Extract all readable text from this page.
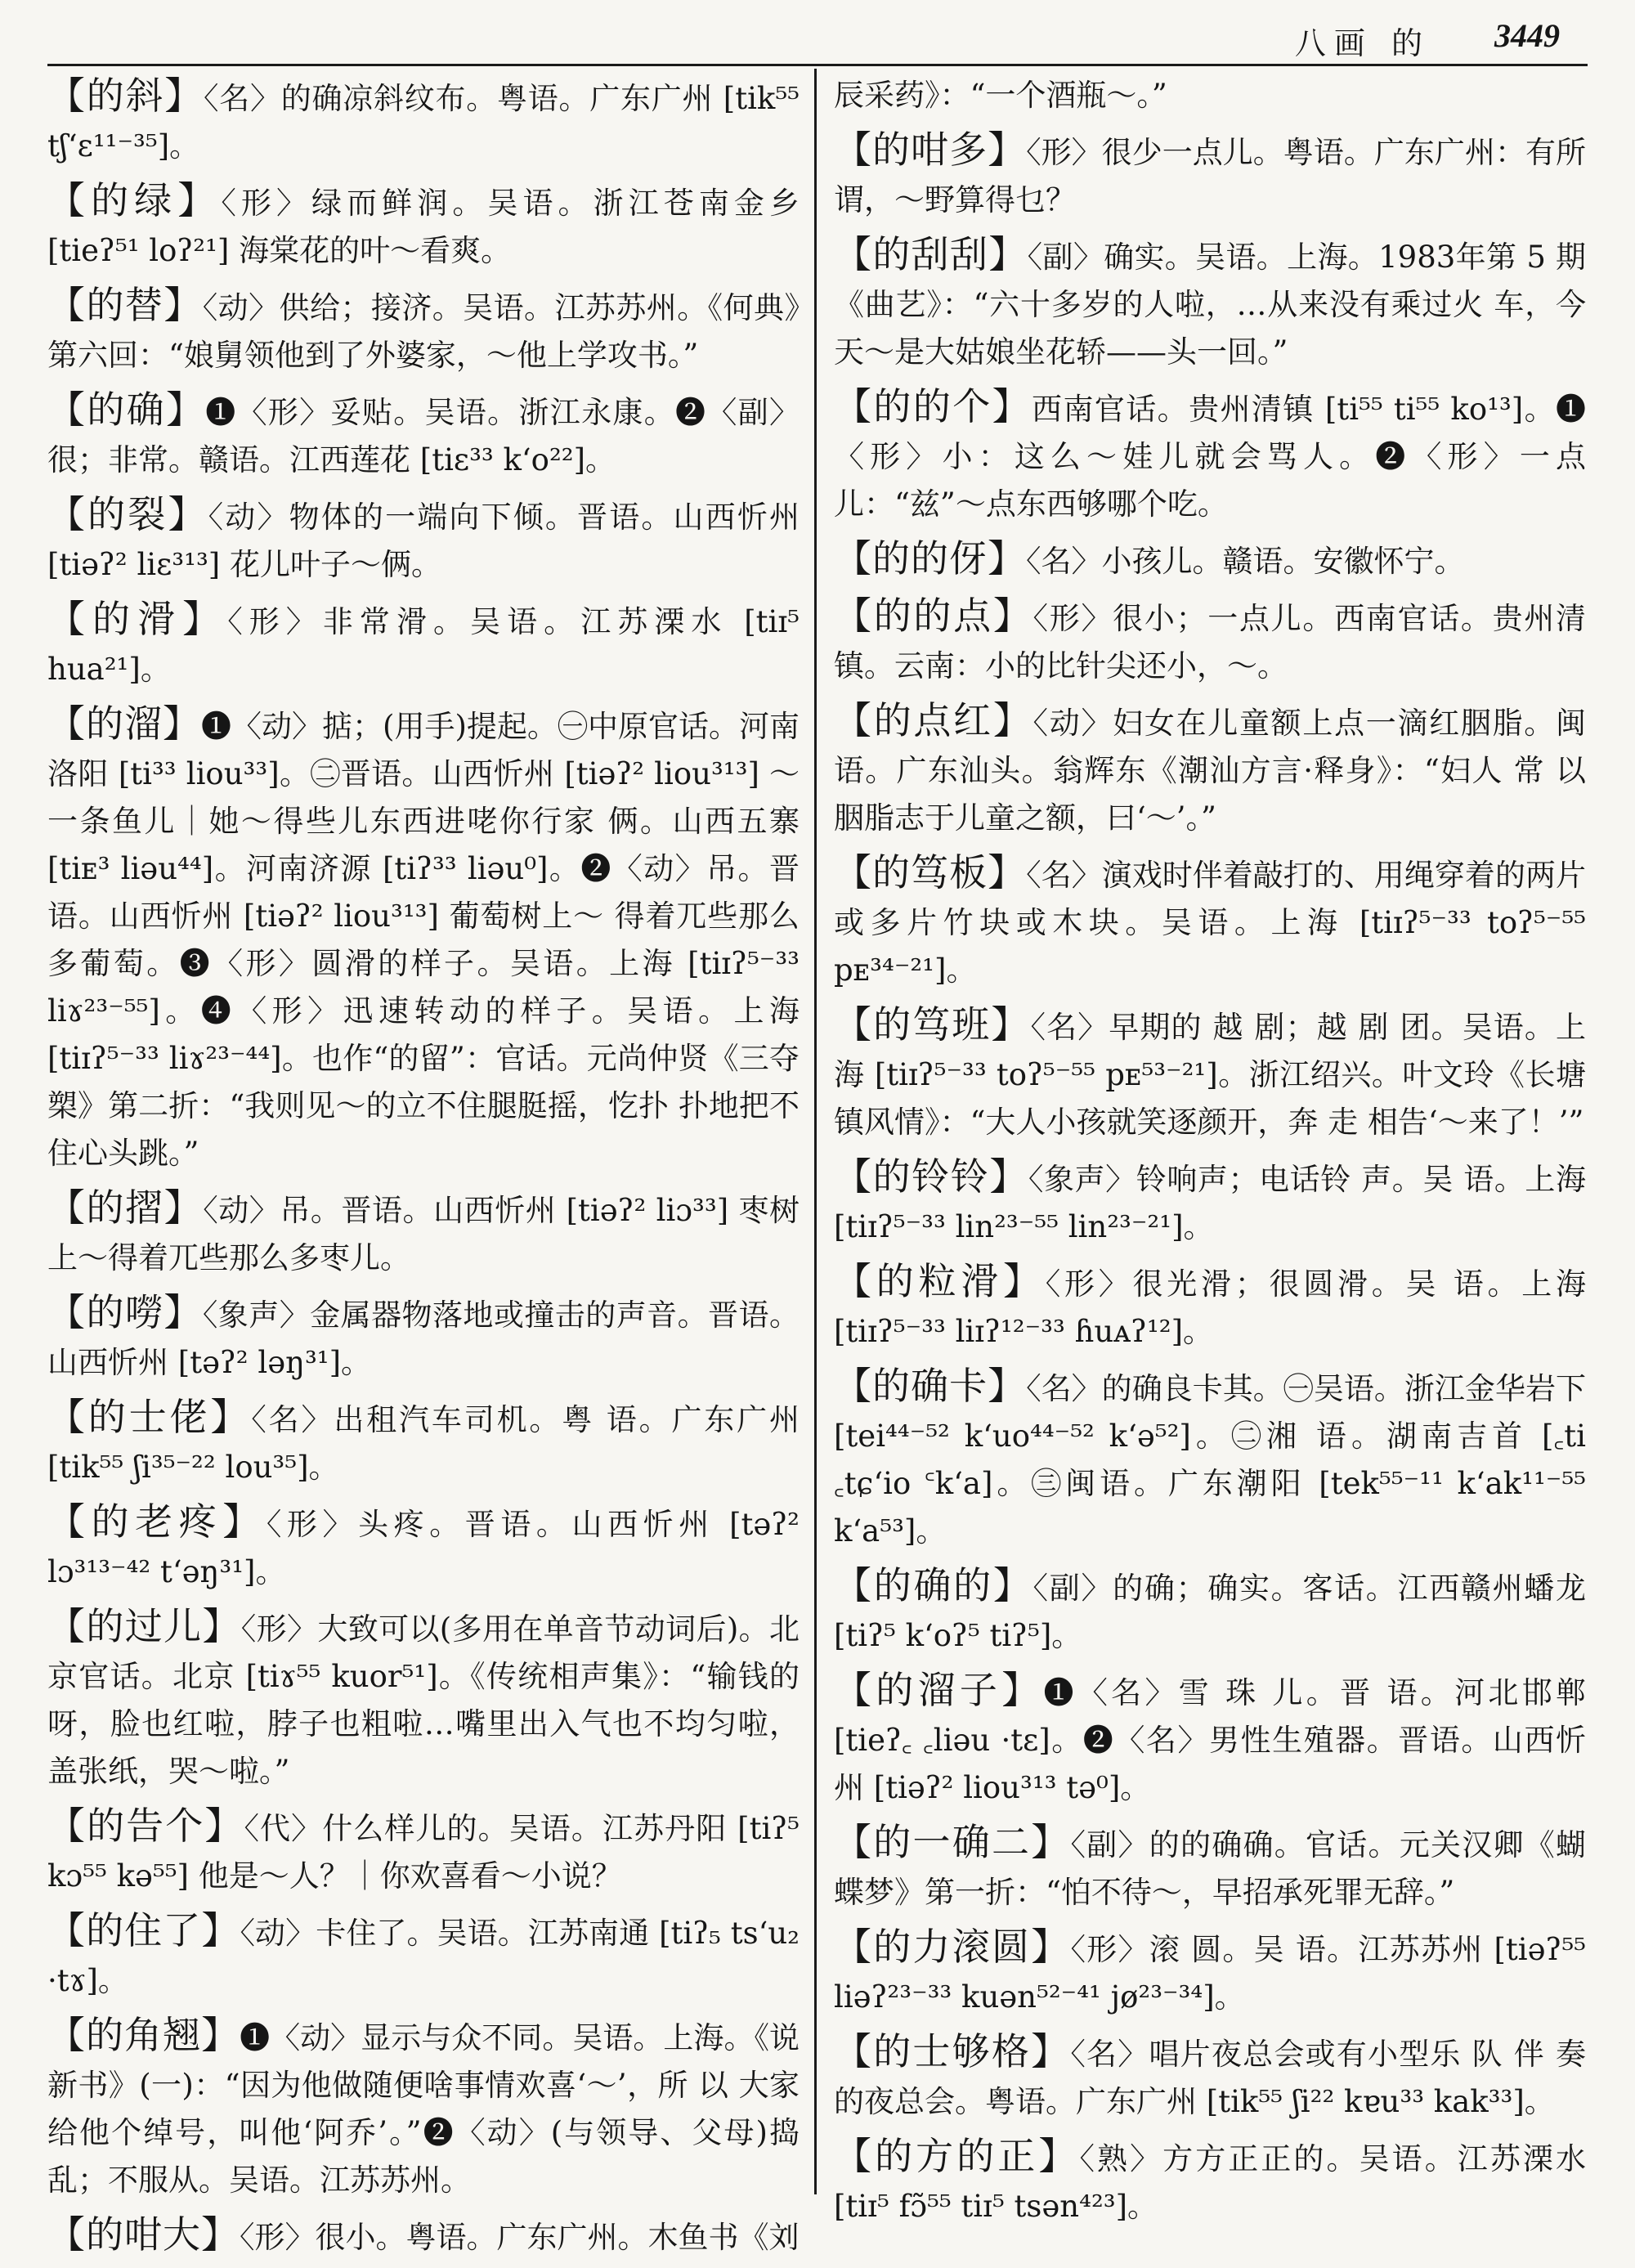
八画 的 3449
【的斜】〈名〉的确凉斜纹布。粤语。广东广州 [tik⁵⁵ tʃ‘ɛ¹¹⁻³⁵]。
【的绿】〈形〉绿而鲜润。吴语。浙江苍南金乡 [tieʔ⁵¹ loʔ²¹] 海棠花的叶～看爽。
【的替】〈动〉供给；接济。吴语。江苏苏州。《何典》第六回：“娘舅领他到了外婆家，～他上学攻书。”
【的确】❶〈形〉妥贴。吴语。浙江永康。❷〈副〉很；非常。赣语。江西莲花 [tiɛ³³ k‘o²²]。
【的裂】〈动〉物体的一端向下倾。晋语。山西忻州 [tiəʔ² liɛ³¹³] 花儿叶子～俩。
【的滑】〈形〉非常滑。吴语。江苏溧水 [tiɪ⁵ hua²¹]。
【的溜】❶〈动〉掂；(用手)提起。㊀中原官话。河南洛阳 [ti³³ liou³³]。㊁晋语。山西忻州 [tiəʔ² liou³¹³] ～一条鱼儿｜她～得些儿东西进咾你行家 俩。山西五寨 [tiᴇ³ liəu⁴⁴]。河南济源 [tiʔ³³ liəu⁰]。❷〈动〉吊。晋语。山西忻州 [tiəʔ² liou³¹³] 葡萄树上～ 得着兀些那么多葡萄。❸〈形〉圆滑的样子。吴语。上海 [tiɪʔ⁵⁻³³ liɤ²³⁻⁵⁵]。❹〈形〉迅速转动的样子。吴语。上海 [tiɪʔ⁵⁻³³ liɤ²³⁻⁴⁴]。也作“的留”：官话。元尚仲贤《三夺槊》第二折：“我则见～的立不住腿脡摇，忔扑 扑地把不住心头跳。”
【的摺】〈动〉吊。晋语。山西忻州 [tiəʔ² liɔ³³] 枣树上～得着兀些那么多枣儿。
【的嘮】〈象声〉金属器物落地或撞击的声音。晋语。山西忻州 [təʔ² ləŋ³¹]。
【的士佬】〈名〉出租汽车司机。粤 语。广东广州 [tik⁵⁵ ʃi³⁵⁻²² lou³⁵]。
【的老疼】〈形〉头疼。晋语。山西忻州 [təʔ² lɔ³¹³⁻⁴² t‘əŋ³¹]。
【的过儿】〈形〉大致可以(多用在单音节动词后)。北京官话。北京 [tiɤ⁵⁵ kuor⁵¹]。《传统相声集》：“输钱的呀，脸也红啦，脖子也粗啦…嘴里出入气也不均匀啦，盖张纸，哭～啦。”
【的告个】〈代〉什么样儿的。吴语。江苏丹阳 [tiʔ⁵ kɔ⁵⁵ kə⁵⁵] 他是～人？｜你欢喜看～小说？
【的住了】〈动〉卡住了。吴语。江苏南通 [tiʔ₅ ts‘u₂ ·tɤ]。
【的角翘】❶〈动〉显示与众不同。吴语。上海。《说新书》(一)：“因为他做随便啥事情欢喜‘～’，所 以 大家给他个绰号，叫他‘阿乔’。”❷〈动〉(与领导、父母)捣乱；不服从。吴语。江苏苏州。
【的咁大】〈形〉很小。粤语。广东广州。木鱼书《刘
辰采药》：“一个酒瓶～。”
【的咁多】〈形〉很少一点儿。粤语。广东广州：有所谓，～野算得乜？
【的刮刮】〈副〉确实。吴语。上海。1983年第 5 期《曲艺》：“六十多岁的人啦，…从来没有乘过火 车，今天～是大姑娘坐花轿——头一回。”
【的的个】西南官话。贵州清镇 [ti⁵⁵ ti⁵⁵ ko¹³]。❶〈形〉小：这么～娃儿就会骂人。❷〈形〉一点儿：“兹”～点东西够哪个吃。
【的的伢】〈名〉小孩儿。赣语。安徽怀宁。
【的的点】〈形〉很小；一点儿。西南官话。贵州清镇。云南：小的比针尖还小，～。
【的点红】〈动〉妇女在儿童额上点一滴红胭脂。闽语。广东汕头。翁辉东《潮汕方言·释身》：“妇人 常 以胭脂志于儿童之额，曰‘～’。”
【的笃板】〈名〉演戏时伴着敲打的、用绳穿着的两片或多片竹块或木块。吴语。上海 [tiɪʔ⁵⁻³³ toʔ⁵⁻⁵⁵ pᴇ³⁴⁻²¹]。
【的笃班】〈名〉早期的 越 剧；越 剧 团。吴语。上海 [tiɪʔ⁵⁻³³ toʔ⁵⁻⁵⁵ pᴇ⁵³⁻²¹]。浙江绍兴。叶文玲《长塘镇风情》：“大人小孩就笑逐颜开，奔 走 相告‘～来了！’”
【的铃铃】〈象声〉铃响声；电话铃 声。吴 语。上海 [tiɪʔ⁵⁻³³ lin²³⁻⁵⁵ lin²³⁻²¹]。
【的粒滑】〈形〉很光滑；很圆滑。吴 语。上海 [tiɪʔ⁵⁻³³ liɪʔ¹²⁻³³ ɦuᴀʔ¹²]。
【的确卡】〈名〉的确良卡其。㊀吴语。浙江金华岩下 [tei⁴⁴⁻⁵² k‘uo⁴⁴⁻⁵² k‘ə⁵²]。㊁湘 语。湖南吉首 [꜀ti ꜀tɕ‘io ꜂k‘a]。㊂闽语。广东潮阳 [tek⁵⁵⁻¹¹ k‘ak¹¹⁻⁵⁵ k‘a⁵³]。
【的确的】〈副〉的确；确实。客话。江西赣州蟠龙 [tiʔ⁵ k‘oʔ⁵ tiʔ⁵]。
【的溜子】❶〈名〉雪 珠 儿。晋 语。河北邯郸 [tieʔ꜀ ꜀liəu ·tɛ]。❷〈名〉男性生殖器。晋语。山西忻州 [tiəʔ² liou³¹³ tə⁰]。
【的一确二】〈副〉的的确确。官话。元关汉卿《蝴蝶梦》第一折：“怕不待～，早招承死罪无辞。”
【的力滚圆】〈形〉滚 圆。吴 语。江苏苏州 [tiəʔ⁵⁵ liəʔ²³⁻³³ kuən⁵²⁻⁴¹ jø²³⁻³⁴]。
【的士够格】〈名〉唱片夜总会或有小型乐 队 伴 奏的夜总会。粤语。广东广州 [tik⁵⁵ ʃi²² kɐu³³ kak³³]。
【的方的正】〈熟〉方方正正的。吴语。江苏溧水 [tiɪ⁵ fɔ̃⁵⁵ tiɪ⁵ tsən⁴²³]。
